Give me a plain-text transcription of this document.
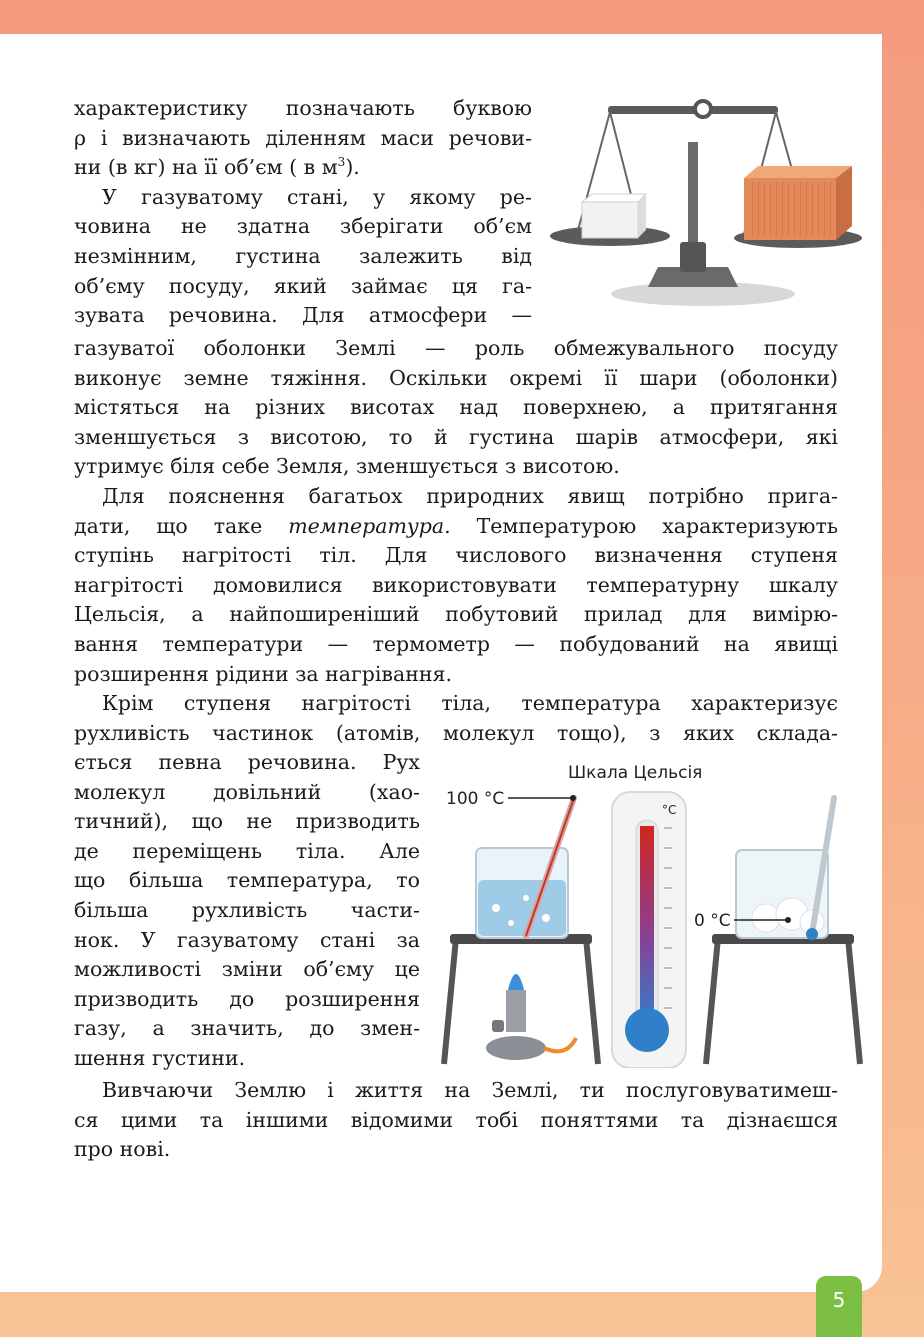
характеристику позначають буквою
ρ і визначають діленням маси речови-
ни (в кг) на її об’єм ( в $м^3$).
У газуватому стані, у якому ре-
човина не здатна зберігати об’єм
незмінним, густина залежить від
об’єму посуду, який займає ця га-
зувата речовина. Для атмосфери —
газуватої оболонки Землі — роль обмежувального посуду
виконує земне тяжіння. Оскільки окремі її шари (оболонки)
містяться на різних висотах над поверхнею, а притягання
зменшується з висотою, то й густина шарів атмосфери, які
утримує біля себе Земля, зменшується з висотою.
Для пояснення багатьох природних явищ потрібно прига-
дати, що таке температура. Температурою характеризують
ступінь нагрітості тіл. Для числового визначення ступеня
нагрітості домовилися використовувати температурну шкалу
Цельсія, а найпоширеніший побутовий прилад для вимірю-
вання температури — термометр — побудований на явищі
розширення рідини за нагрівання.
Крім ступеня нагрітості тіла, температура характеризує
рухливість частинок (атомів, молекул тощо), з яких склада-
ється певна речовина. Рух
молекул довільний (хао-
тичний), що не призводить
де переміщень тіла. Але
що більша температура, то
більша рухливість части-
нок. У газуватому стані за
можливості зміни об’єму це
призводить до розширення
газу, а значить, до змен-
шення густини.
Шкала Цельсія
100 °C
°C
0 °C
Вивчаючи Землю і життя на Землі, ти послуговуватимеш-
ся цими та іншими відомими тобі поняттями та дізнаєшся
про нові.
5
